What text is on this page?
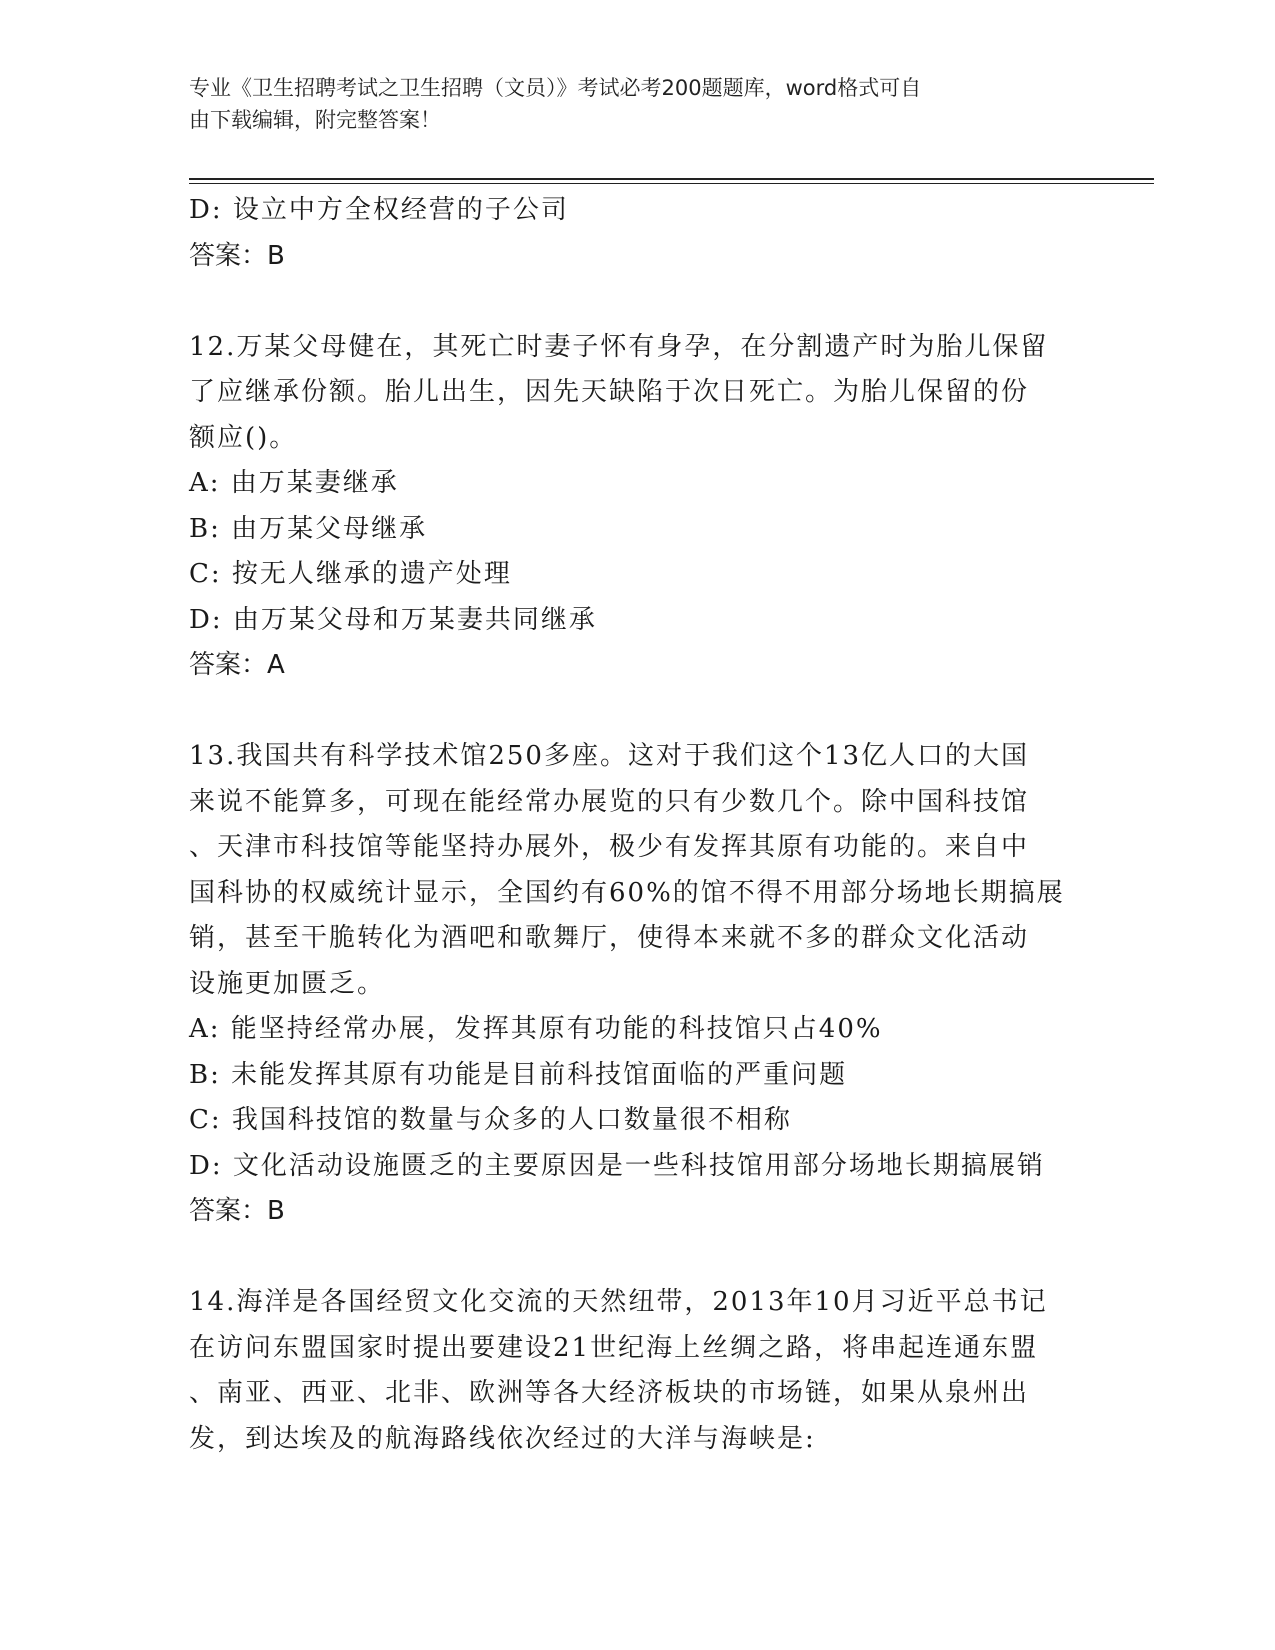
专业《卫生招聘考试之卫生招聘（文员）》考试必考200题题库，word格式可自
由下载编辑，附完整答案！
D: 设立中方全权经营的子公司
答案：B
12.万某父母健在，其死亡时妻子怀有身孕，在分割遗产时为胎儿保留
了应继承份额。胎儿出生，因先天缺陷于次日死亡。为胎儿保留的份
额应()。
A: 由万某妻继承
B: 由万某父母继承
C: 按无人继承的遗产处理
D: 由万某父母和万某妻共同继承
答案：A
13.我国共有科学技术馆250多座。这对于我们这个13亿人口的大国
来说不能算多，可现在能经常办展览的只有少数几个。除中国科技馆
、天津市科技馆等能坚持办展外，极少有发挥其原有功能的。来自中
国科协的权威统计显示，全国约有60%的馆不得不用部分场地长期搞展
销，甚至干脆转化为酒吧和歌舞厅，使得本来就不多的群众文化活动
设施更加匮乏。
A: 能坚持经常办展，发挥其原有功能的科技馆只占40%
B: 未能发挥其原有功能是目前科技馆面临的严重问题
C: 我国科技馆的数量与众多的人口数量很不相称
D: 文化活动设施匮乏的主要原因是一些科技馆用部分场地长期搞展销
答案：B
14.海洋是各国经贸文化交流的天然纽带，2013年10月习近平总书记
在访问东盟国家时提出要建设21世纪海上丝绸之路，将串起连通东盟
、南亚、西亚、北非、欧洲等各大经济板块的市场链，如果从泉州出
发，到达埃及的航海路线依次经过的大洋与海峡是:
